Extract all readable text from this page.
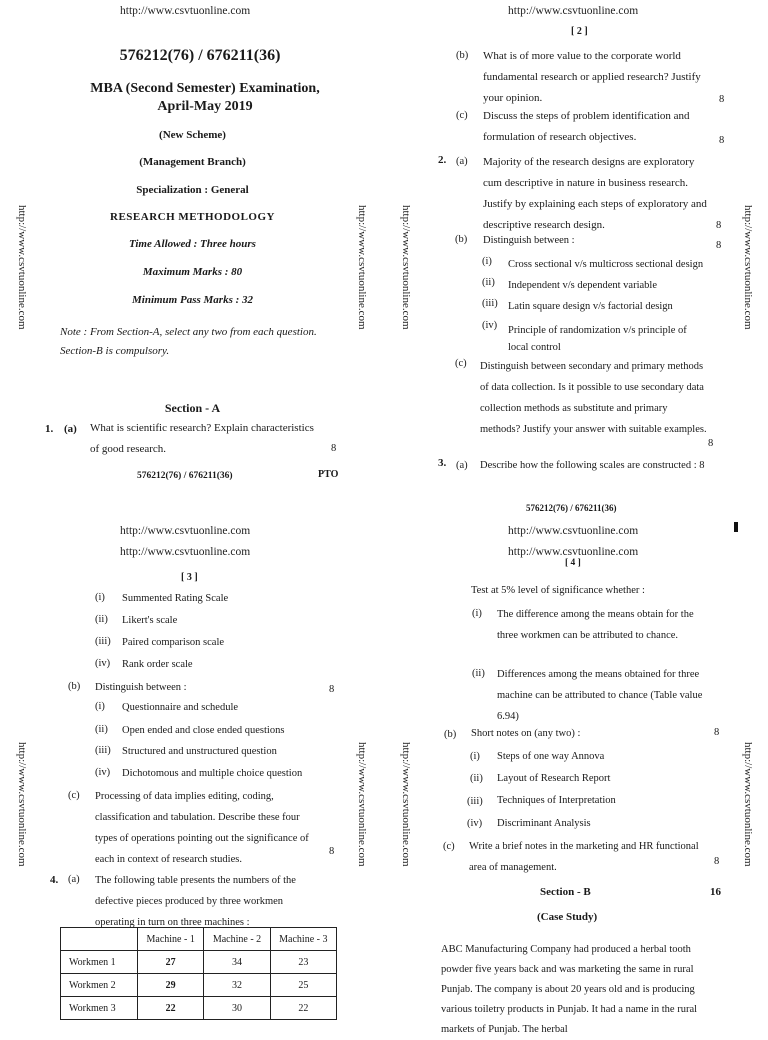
http://www.csvtuonline.com	http://www.csvtuonline.com
http://www.csvtuonline.com
http://www.csvtuonline.com
http://www.csvtuonline.com
http://www.csvtuonline.com
http://www.csvtuonline.com	http://www.csvtuonline.com	http://www.csvtuonline.com	http://www.csvtuonline.com
http://www.csvtuonline.com	http://www.csvtuonline.com	http://www.csvtuonline.com	http://www.csvtuonline.com
576212(76) / 676211(36)
MBA (Second Semester) Examination,
April-May 2019
(New Scheme)
(Management Branch)
Specialization : General
RESEARCH METHODOLOGY
Time Allowed : Three hours
Maximum Marks : 80
Minimum Pass Marks : 32
Note : From Section-A, select any two from each question. Section-B is compulsory.
Section - A
1. (a) What is scientific research? Explain characteristics of good research.	8
576212(76) / 676211(36)	PTO
[ 2 ]
(b) What is of more value to the corporate world fundamental research or applied research? Justify your opinion.	8
(c) Discuss the steps of problem identification and formulation of research objectives.	8
2. (a) Majority of the research designs are exploratory cum descriptive in nature in business research. Justify by explaining each steps of exploratory and descriptive research design.	8
(b) Distinguish between :	8
(i) Cross sectional v/s multicross sectional design
(ii) Independent v/s dependent variable
(iii) Latin square design v/s factorial design
(iv) Principle of randomization v/s principle of local control
(c) Distinguish between secondary and primary methods of data collection. Is it possible to use secondary data collection methods as substitute and primary methods? Justify your answer with suitable examples.
8
3. (a) Describe how the following scales are constructed : 8
576212(76) / 676211(36)
[ 3 ]
(i) Summented Rating Scale
(ii) Likert's scale
(iii) Paired comparison scale
(iv) Rank order scale
(b) Distinguish between :	8
(i) Questionnaire and schedule
(ii) Open ended and close ended questions
(iii) Structured and unstructured question
(iv) Dichotomous and multiple choice question
(c) Processing of data implies editing, coding, classification and tabulation. Describe these four types of operations pointing out the significance of each in context of research studies.
8
4. (a) The following table presents the numbers of the defective pieces produced by three workmen operating in turn on three machines :
	Machine - 1	Machine - 2	Machine - 3
Workmen 1	27	34	23
Workmen 2	29	32	25
Workmen 3	22	30	22
[ 4 ]
Test at 5% level of significance whether :
(i) The difference among the means obtain for the three workmen can be attributed to chance.
(ii) Differences among the means obtained for three machine can be attributed to chance (Table value 6.94)
(b) Short notes on (any two) :	8
(i) Steps of one way Annova
(ii) Layout of Research Report
(iii) Techniques of Interpretation
(iv) Discriminant Analysis
(c) Write a brief notes in the marketing and HR functional area of management.
8
Section - B	16
(Case Study)
ABC Manufacturing Company had produced a herbal tooth powder five years back and was marketing the same in rural Punjab. The company is about 20 years old and is producing various toiletry products in Punjab. It had a name in the rural markets of Punjab. The herbal
